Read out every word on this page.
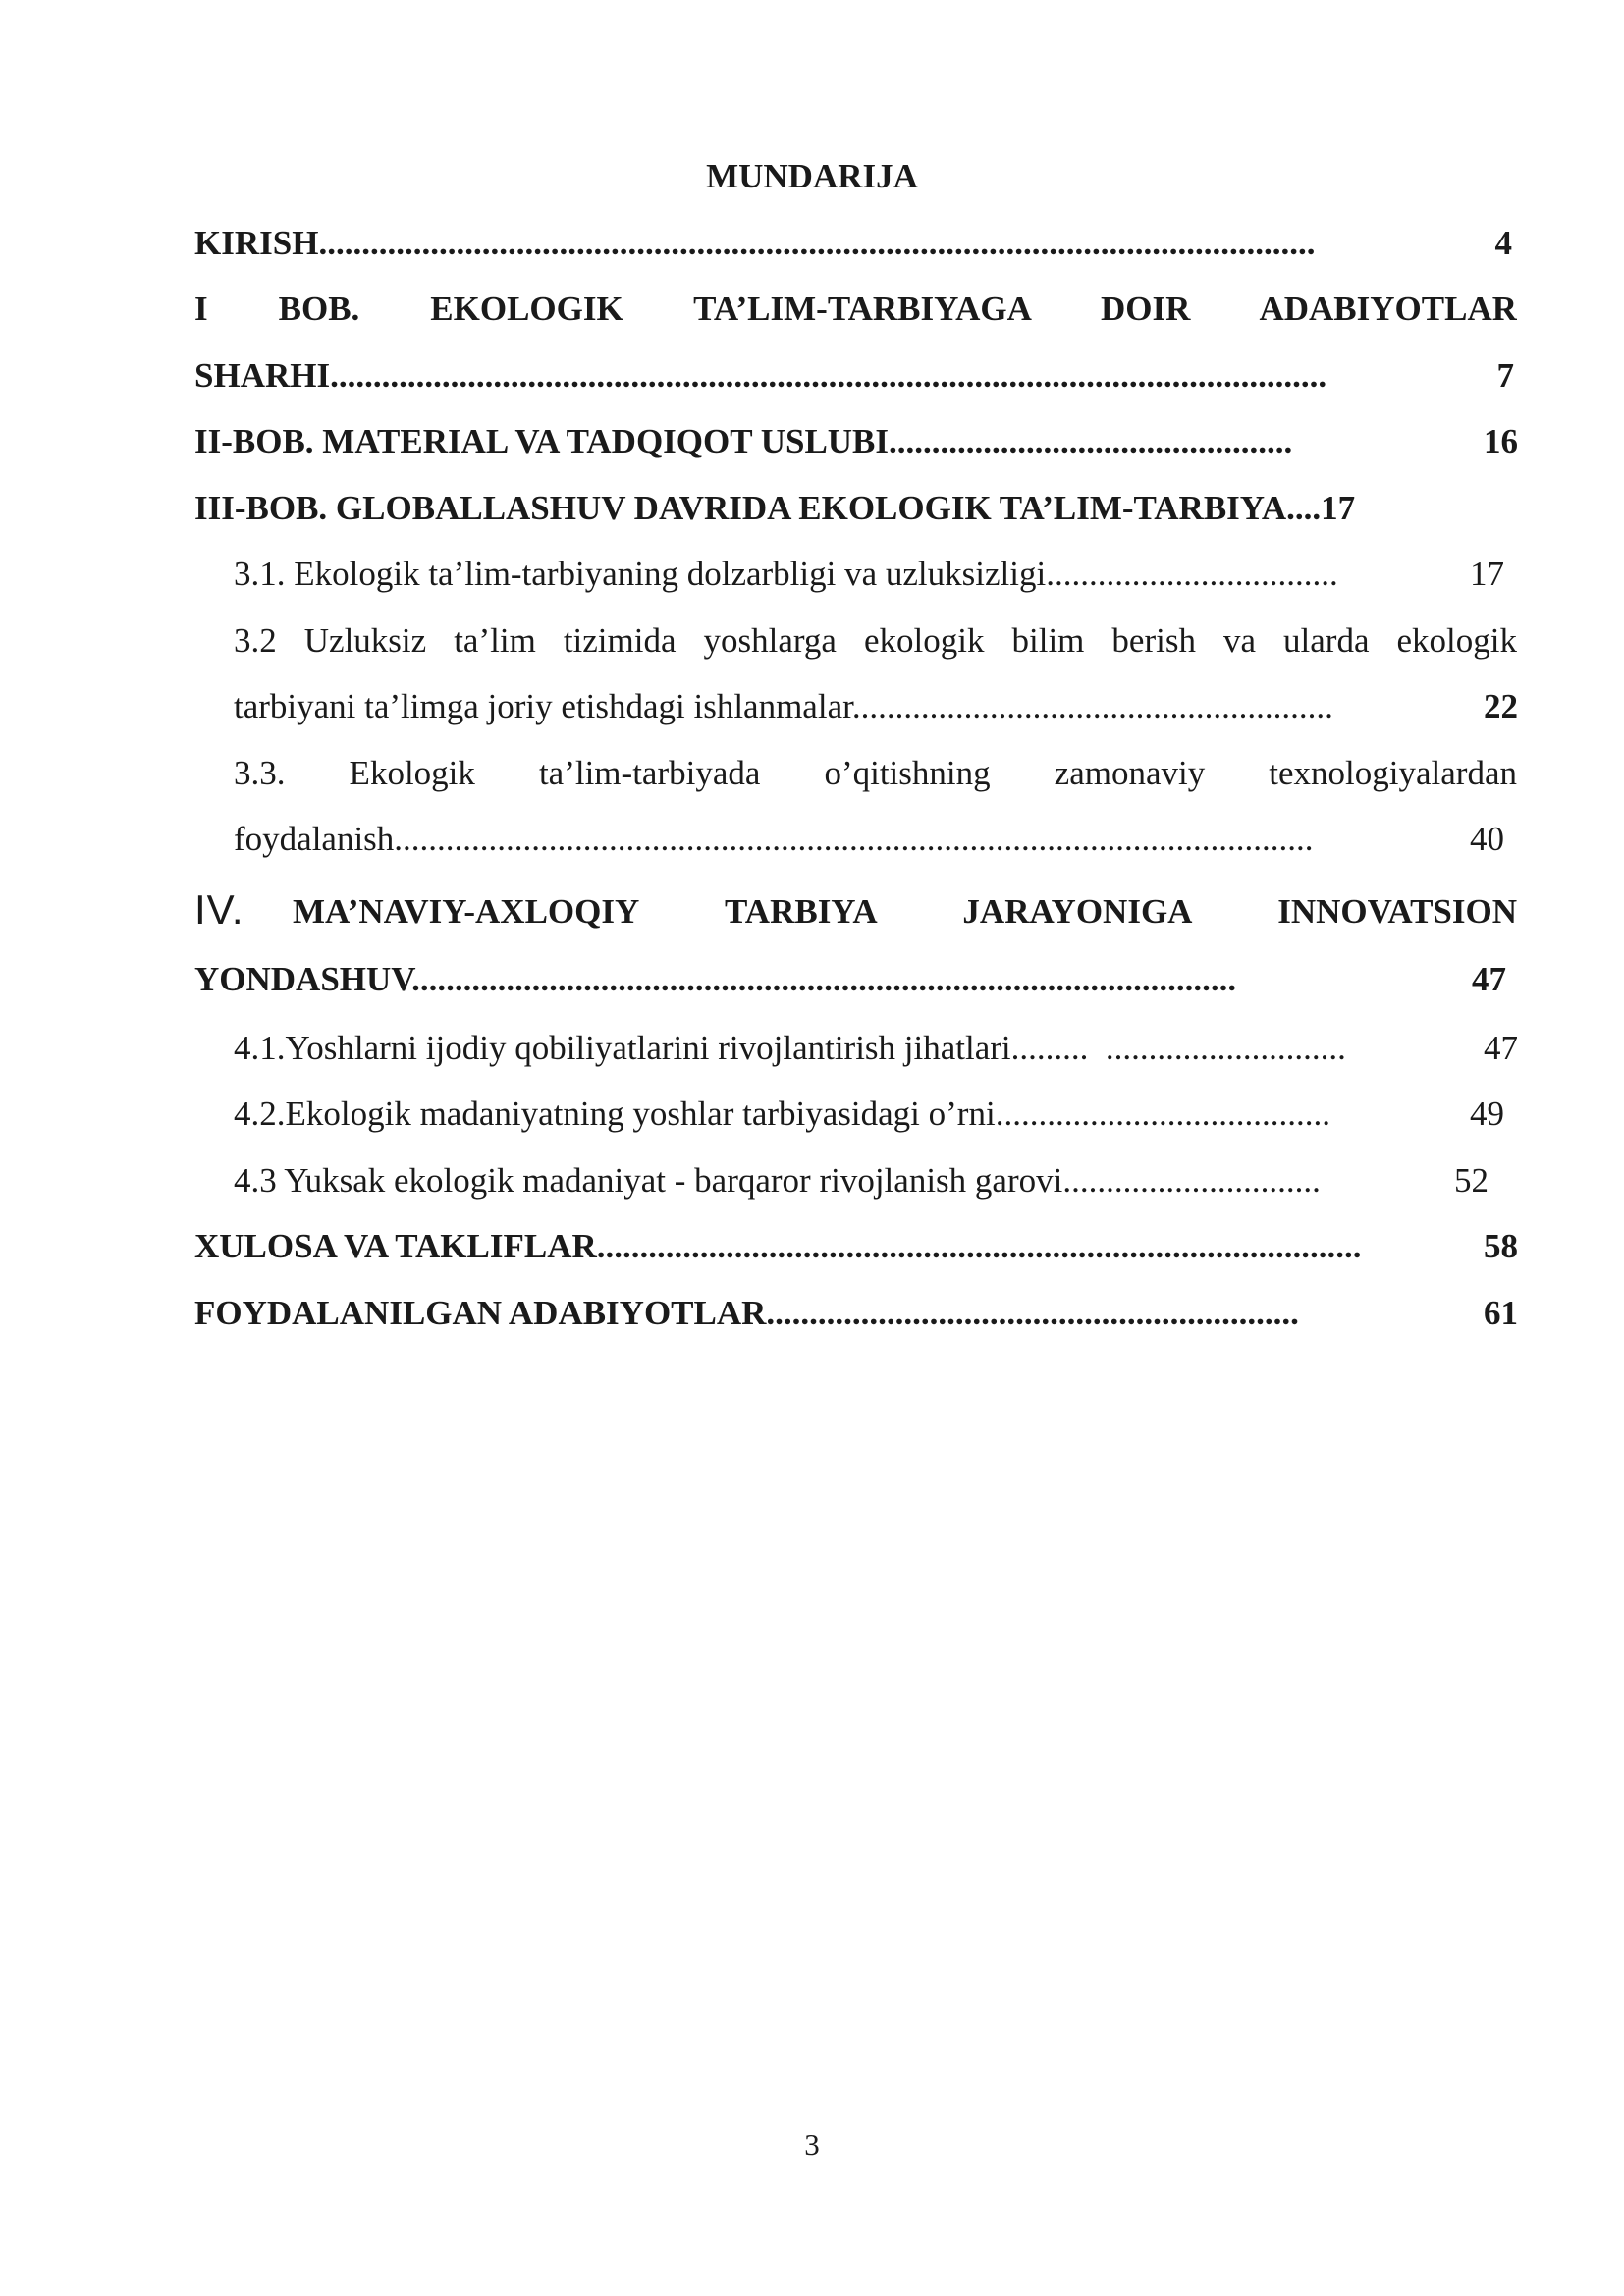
MUNDARIJA
KIRISH....................................................................................................................	4
I BOB. EKOLOGIK TA’LIM-TARBIYAGA DOIR ADABIYOTLAR
SHARHI....................................................................................................................	7
II-BOB. MATERIAL VA TADQIQOT USLUBI...............................................	16
III-BOB. GLOBALLASHUV DAVRIDA EKOLOGIK TA’LIM-TARBIYA....17
3.1. Ekologik ta’lim-tarbiyaning dolzarbligi va uzluksizligi..................................	17
3.2 Uzluksiz ta’lim tizimida yoshlarga ekologik bilim berish va ularda ekologik
tarbiyani ta’limga joriy etishdagi ishlanmalar........................................................	22
3.3. Ekologik ta’lim-tarbiyada o’qitishning zamonaviy texnologiyalardan
foydalanish...........................................................................................................	40
IV.	MA’NAVIY-AXLOQIY TARBIYA JARAYONIGA INNOVATSION
YONDASHUV................................................................................................	47
4.1.Yoshlarni ijodiy qobiliyatlarini rivojlantirish jihatlari.........  ............................	47
4.2.Ekologik madaniyatning yoshlar tarbiyasidagi o’rni.......................................	49
4.3 Yuksak ekologik madaniyat - barqaror rivojlanish garovi..............................	52
XULOSA VA TAKLIFLAR.........................................................................................	58
FOYDALANILGAN ADABIYOTLAR..............................................................	61
3
